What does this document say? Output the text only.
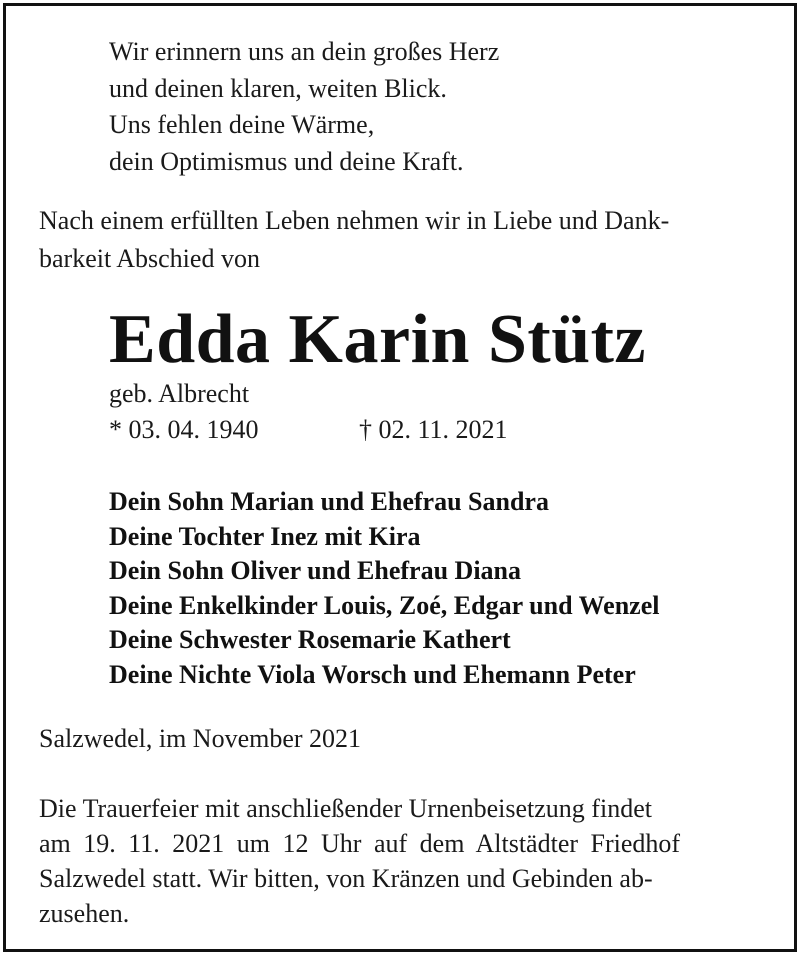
Wir erinnern uns an dein großes Herz
und deinen klaren, weiten Blick.
Uns fehlen deine Wärme,
dein Optimismus und deine Kraft.
Nach einem erfüllten Leben nehmen wir in Liebe und Dank-
barkeit Abschied von
Edda Karin Stütz
geb. Albrecht
* 03. 04. 1940	† 02. 11. 2021
Dein Sohn Marian und Ehefrau Sandra
Deine Tochter Inez mit Kira
Dein Sohn Oliver und Ehefrau Diana
Deine Enkelkinder Louis, Zoé, Edgar und Wenzel
Deine Schwester Rosemarie Kathert
Deine Nichte Viola Worsch und Ehemann Peter
Salzwedel, im November 2021
Die Trauerfeier mit anschließender Urnenbeisetzung findet
am 19. 11. 2021 um 12 Uhr auf dem Altstädter Friedhof
Salzwedel statt. Wir bitten, von Kränzen und Gebinden ab-
zusehen.
